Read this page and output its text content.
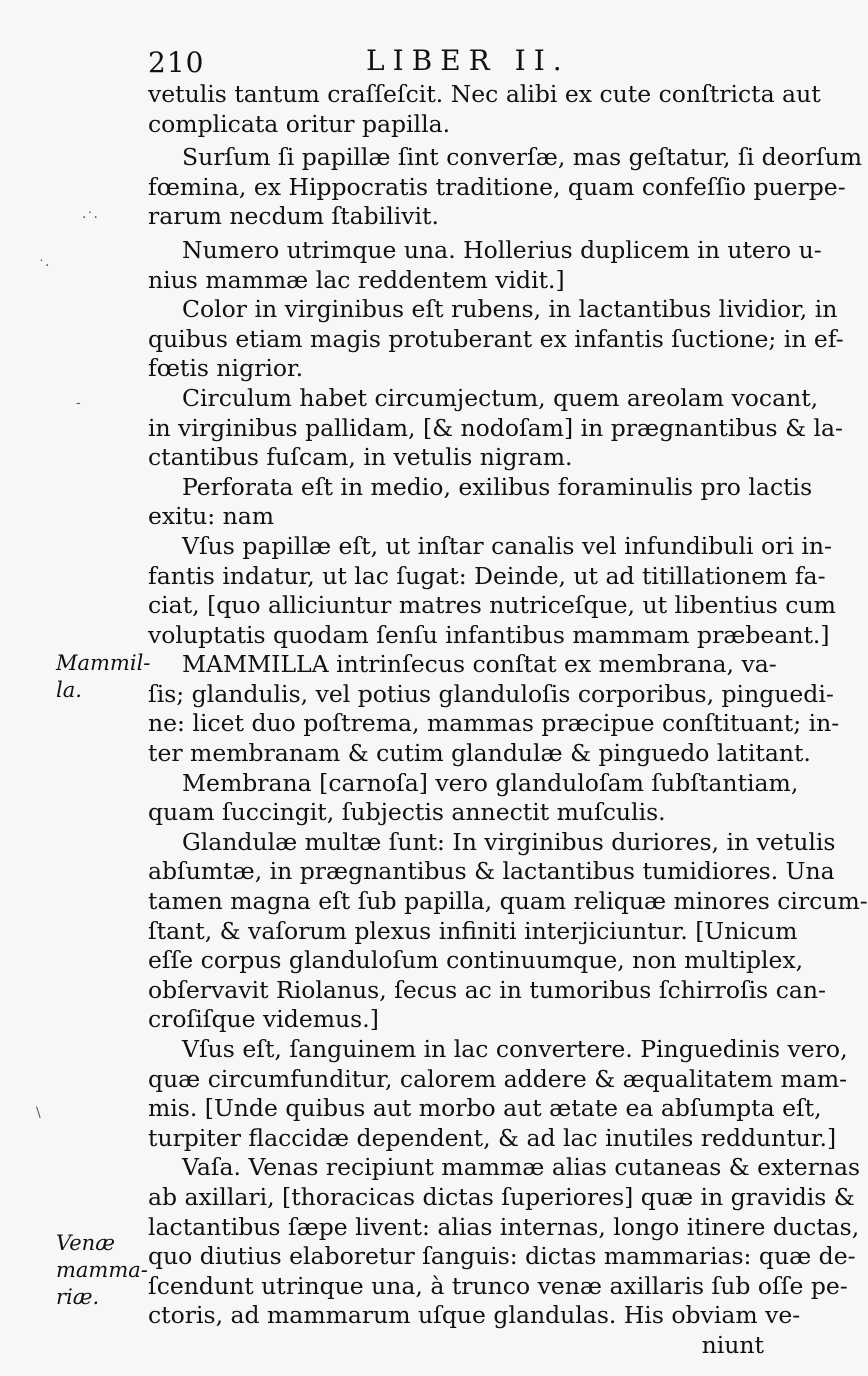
210	LIBER II.
Mammil-
la.
Venæ
mamma-
riæ.
vetulis tantum craſſeſcit. Nec alibi ex cute conſtricta aut
complicata oritur papilla.
Surſum ſi papillæ ſint converſæ, mas geſtatur, ſi deorſum
fœmina, ex Hippocratis traditione, quam confeſſio puerpe-
rarum necdum ſtabilivit.
Numero utrimque una. Hollerius duplicem in utero u-
nius mammæ lac reddentem vidit.]
Color in virginibus eſt rubens, in lactantibus lividior, in
quibus etiam magis protuberant ex infantis ſuctione; in ef-
fœtis nigrior.
Circulum habet circumjectum, quem areolam vocant,
in virginibus pallidam, [& nodoſam] in prægnantibus & la-
ctantibus fuſcam, in vetulis nigram.
Perforata eſt in medio, exilibus foraminulis pro lactis
exitu: nam
Vſus papillæ eſt, ut inſtar canalis vel infundibuli ori in-
fantis indatur, ut lac ſugat: Deinde, ut ad titillationem fa-
ciat, [quo alliciuntur matres nutriceſque, ut libentius cum
voluptatis quodam ſenſu infantibus mammam præbeant.]
MAMMILLA intrinſecus conſtat ex membrana, va-
ſis; glandulis, vel potius glanduloſis corporibus, pinguedi-
ne: licet duo poſtrema, mammas præcipue conſtituant; in-
ter membranam & cutim glandulæ & pinguedo latitant.
Membrana [carnoſa] vero glanduloſam ſubſtantiam,
quam ſuccingit, ſubjectis annectit muſculis.
Glandulæ multæ ſunt: In virginibus duriores, in vetulis
abſumtæ, in prægnantibus & lactantibus tumidiores. Una
tamen magna eſt ſub papilla, quam reliquæ minores circum-
ſtant, & vaſorum plexus infiniti interjiciuntur. [Unicum
eſſe corpus glanduloſum continuumque, non multiplex,
obſervavit Riolanus, ſecus ac in tumoribus ſchirroſis can-
croſiſque videmus.]
Vſus eſt, ſanguinem in lac convertere. Pinguedinis vero,
quæ circumfunditur, calorem addere & æqualitatem mam-
mis. [Unde quibus aut morbo aut ætate ea abſumpta eſt,
turpiter flaccidæ dependent, & ad lac inutiles redduntur.]
Vaſa. Venas recipiunt mammæ alias cutaneas & externas
ab axillari, [thoracicas dictas ſuperiores] quæ in gravidis &
lactantibus ſæpe livent: alias internas, longo itinere ductas,
quo diutius elaboretur ſanguis: dictas mammarias: quæ de-
ſcendunt utrinque una, à trunco venæ axillaris ſub oſſe pe-
ctoris, ad mammarum uſque glandulas. His obviam ve-
niunt
·˙·
˙·
-
\
